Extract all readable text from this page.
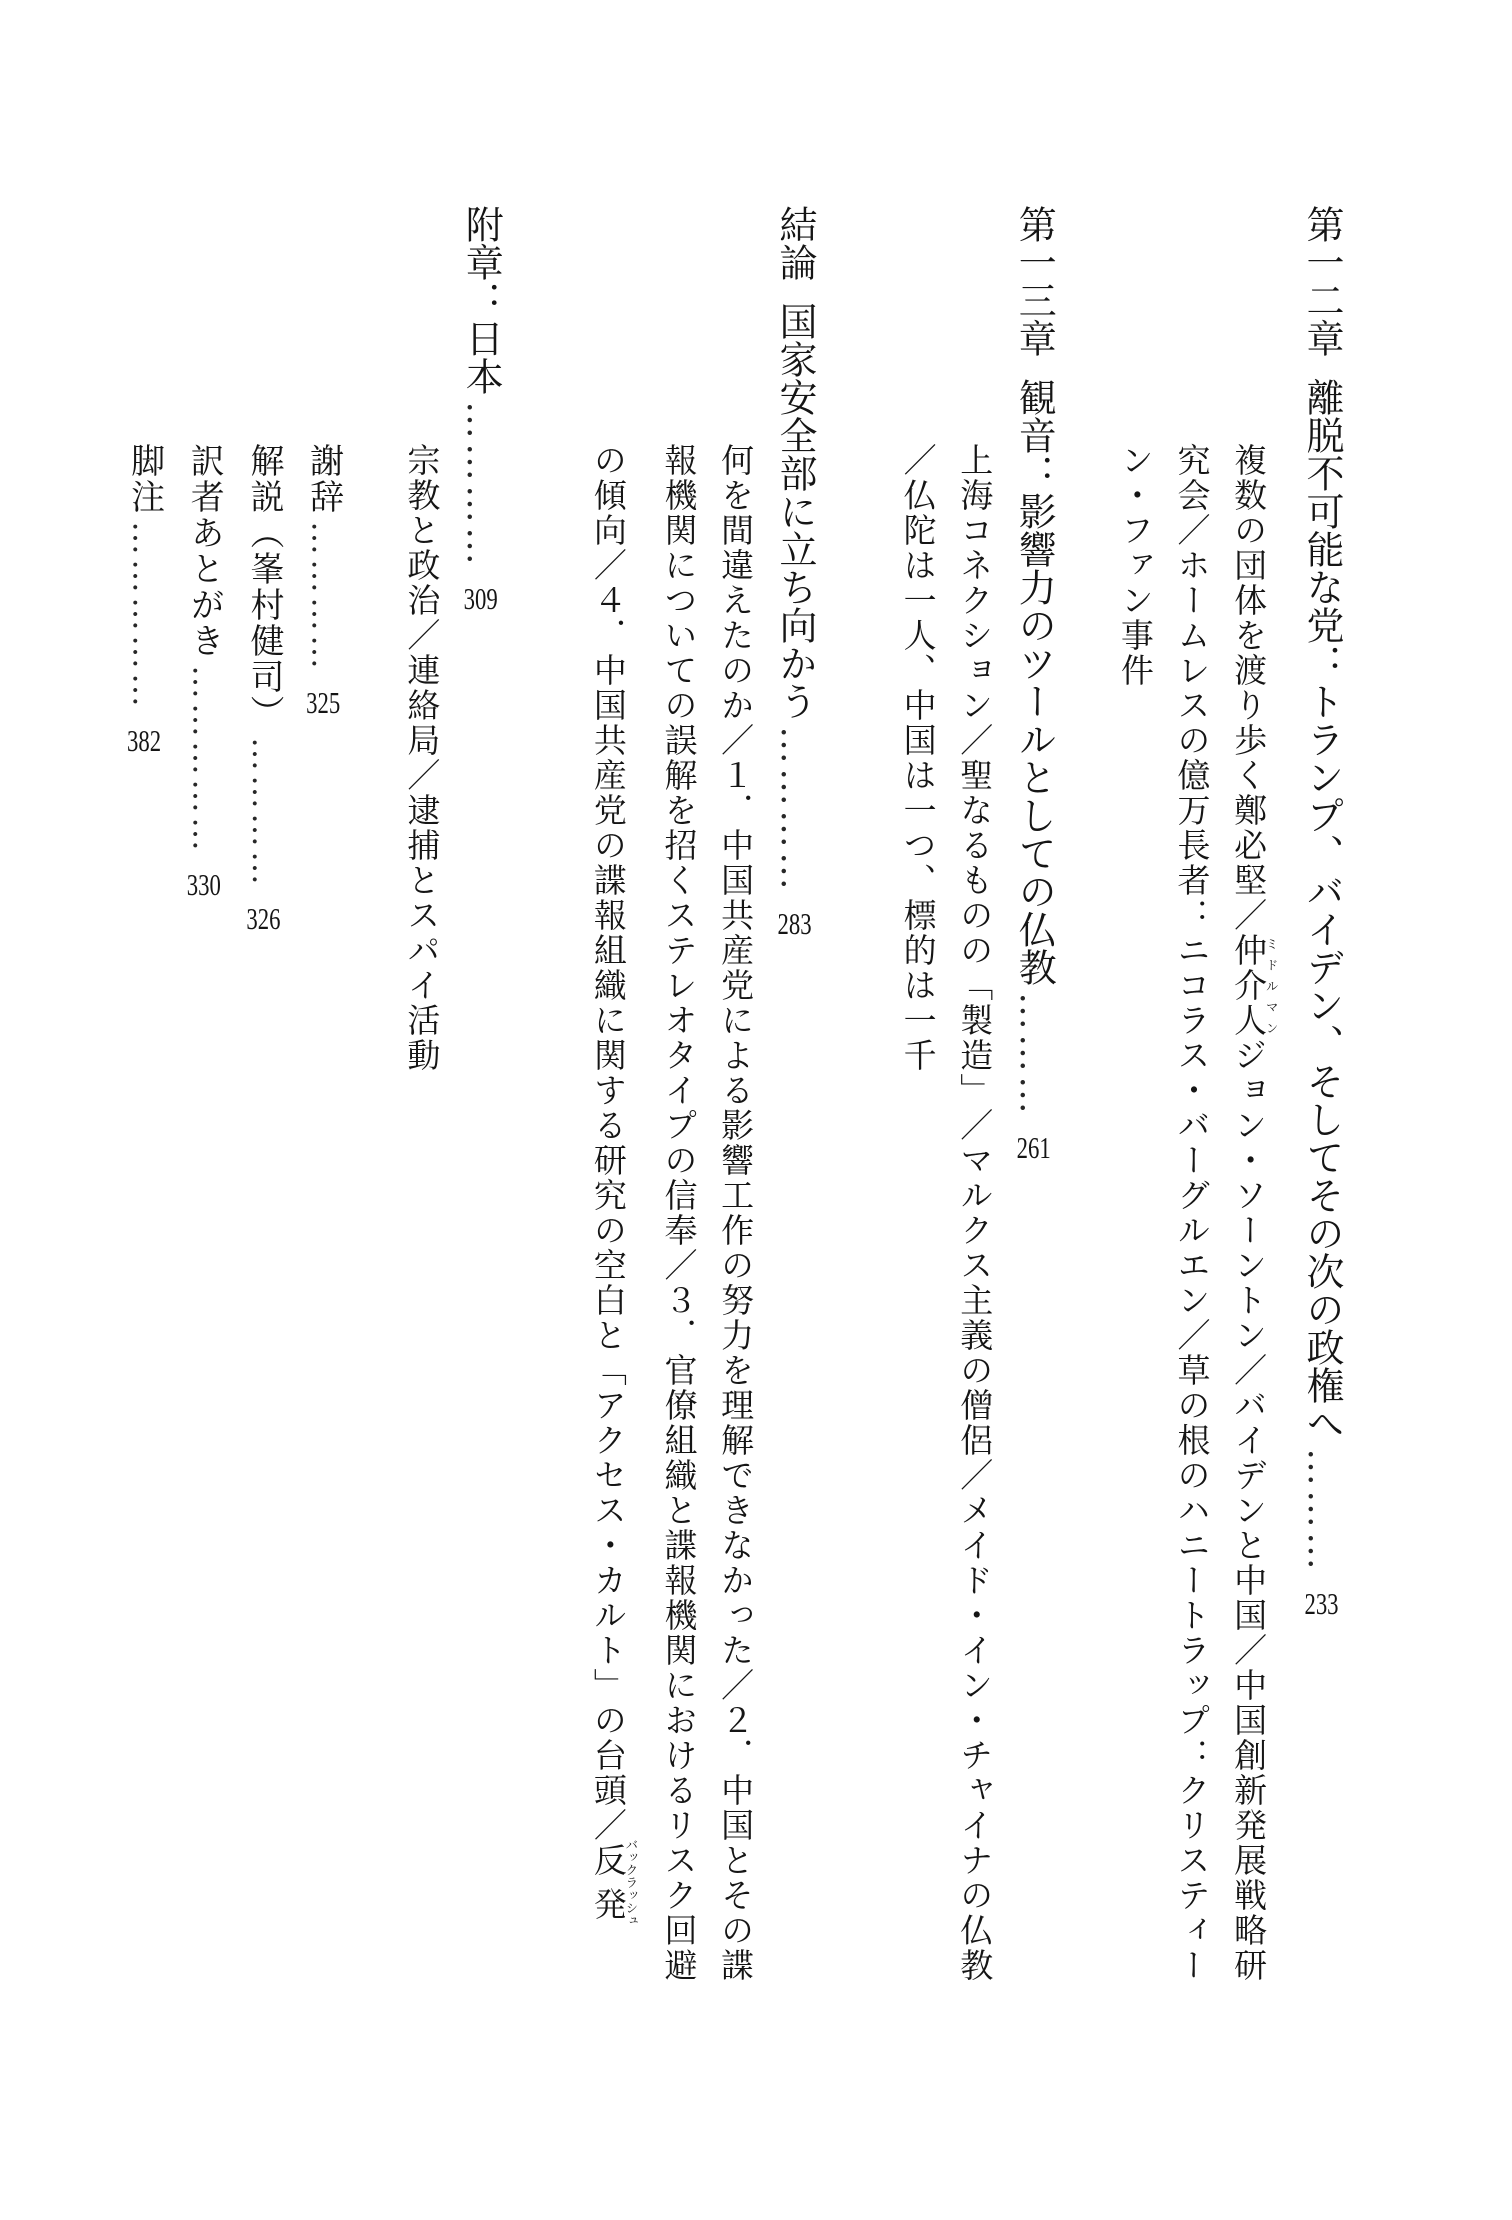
第一二章離脱不可能な党：トランプ、バイデン、そしてその次の政権へ………233
複数の団体を渡り歩く鄭必堅／仲介人 ミドルマンジョン・ソーントン／バイデンと中国／中国創新発展戦略研
究会／ホームレスの億万長者：ニコラス・バーグルエン／草の根のハニートラップ：クリスティー
ン・ファン事件
第一三章観音：影響力のツールとしての仏教………261
上海コネクション／聖なるものの「製造」／マルクス主義の僧侶／メイド・イン・チャイナの仏教
／仏陀は一人、中国は一つ、標的は一千
結論国家安全部に立ち向かう…………283
何を間違えたのか／１．中国共産党による影響工作の努力を理解できなかった／２．中国とその諜
報機関についての誤解を招くステレオタイプの信奉／３．官僚組織と諜報機関におけるリスク回避
の傾向／４．中国共産党の諜報組織に関する研究の空白と「アクセス・カルト」の台頭／反発 バックラッシュ
附章：日本…………309
宗教と政治／連絡局／逮捕とスパイ活動
謝辞…………325
解説（峯村健司）…………326
訳者あとがき……………330
脚注……………382
